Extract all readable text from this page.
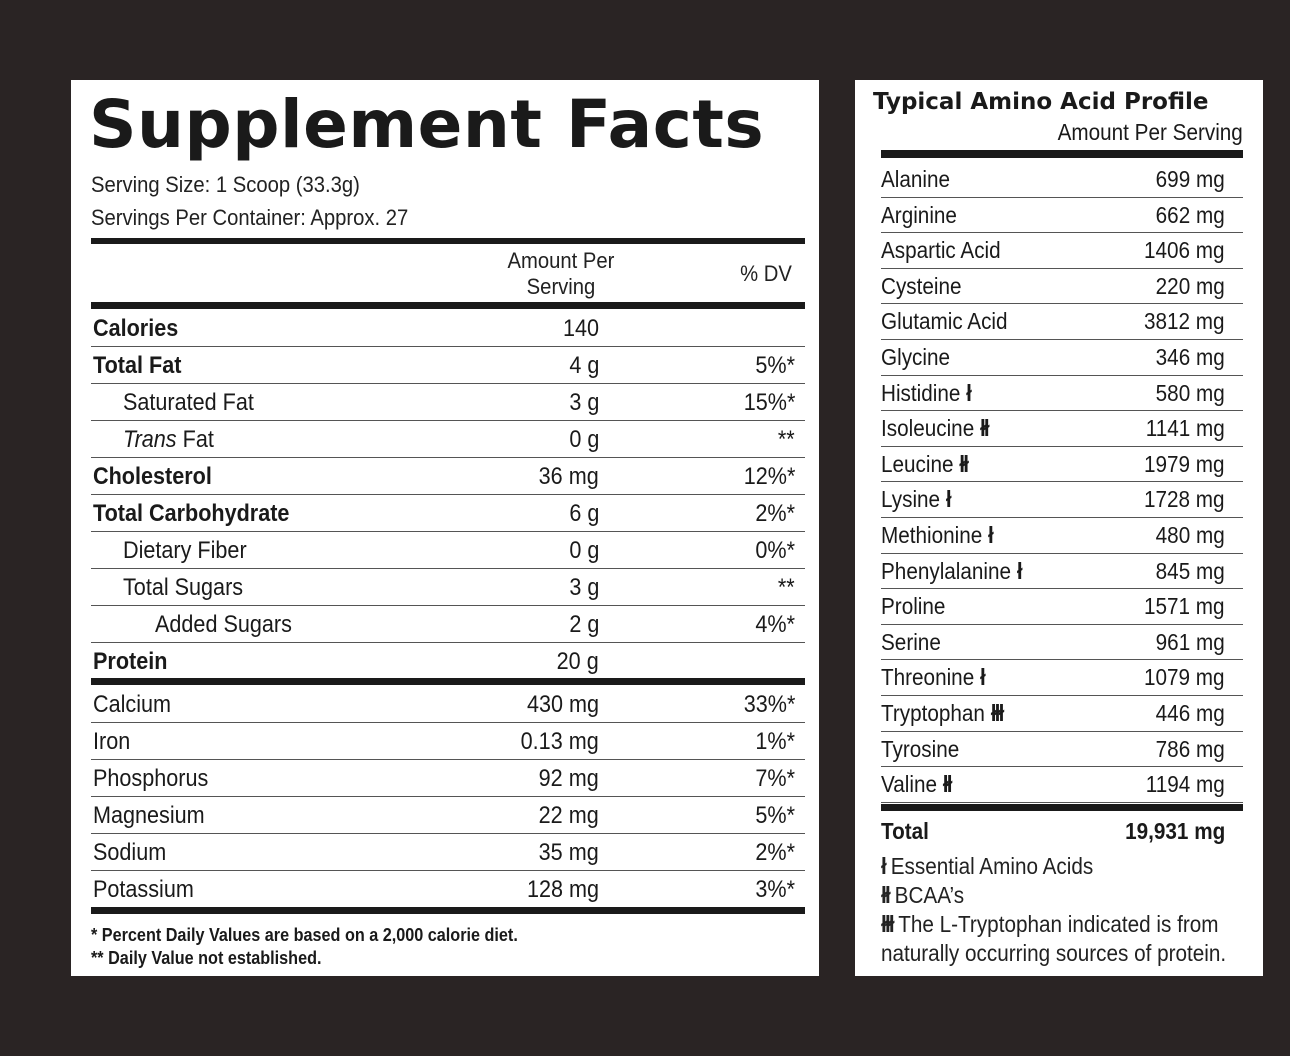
Supplement Facts
Serving Size: 1 Scoop (33.3g)
Servings Per Container: Approx. 27
Amount Per
Serving
% DV
Calories	140
Total Fat	4 g	5%*
Saturated Fat	3 g	15%*
Trans Fat	0 g	**
Cholesterol	36 mg	12%*
Total Carbohydrate	6 g	2%*
Dietary Fiber	0 g	0%*
Total Sugars	3 g	**
Added Sugars	2 g	4%*
Protein	20 g
Calcium	430 mg	33%*
Iron	0.13 mg	1%*
Phosphorus	92 mg	7%*
Magnesium	22 mg	5%*
Sodium	35 mg	2%*
Potassium	128 mg	3%*
* Percent Daily Values are based on a 2,000 calorie diet.
** Daily Value not established.
Typical Amino Acid Profile
Amount Per Serving
Alanine	699 mg
Arginine	662 mg
Aspartic Acid	1406 mg
Cysteine	220 mg
Glutamic Acid	3812 mg
Glycine	346 mg
Histidine ł	580 mg
Isoleucine łł	1141 mg
Leucine łł	1979 mg
Lysine ł	1728 mg
Methionine ł	480 mg
Phenylalanine ł	845 mg
Proline	1571 mg
Serine	961 mg
Threonine ł	1079 mg
Tryptophan łłł	446 mg
Tyrosine	786 mg
Valine łł	1194 mg
Total	19,931 mg
ł Essential Amino Acids
łł BCAA’s
łłł The L-Tryptophan indicated is from
naturally occurring sources of protein.
